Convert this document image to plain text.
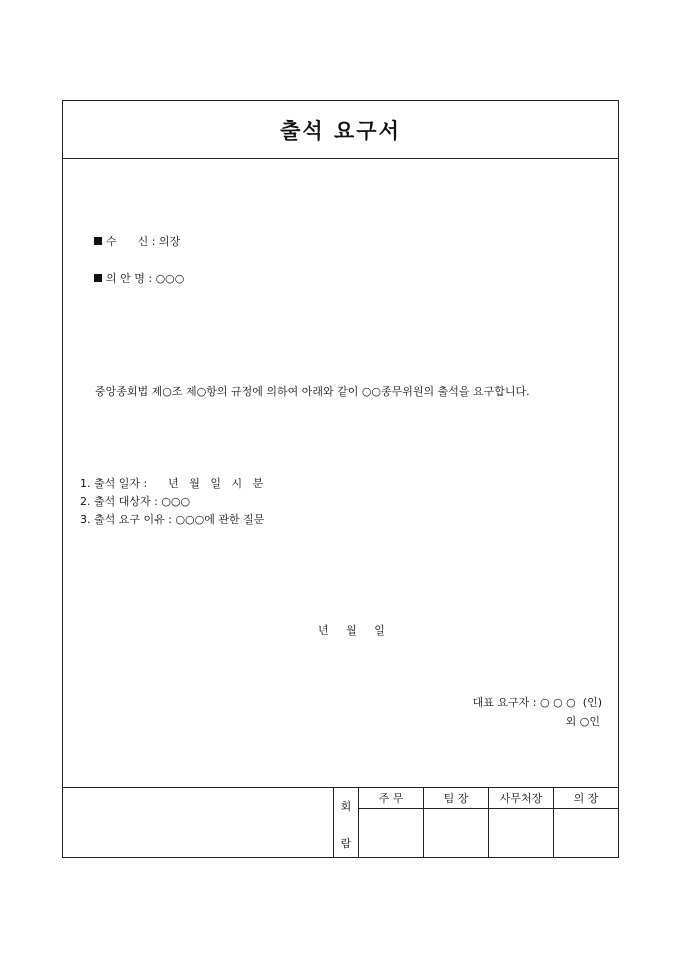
출석 요구서

수      신 : 의장

의 안 명 : ○○○

중앙종회법 제○조 제○항의 규정에 의하여 아래와 같이 ○○종무위원의 출석을 요구합니다.
1. 출석 일자 :      년   월   일   시   분
2. 출석 대상자 : ○○○
3. 출석 요구 이유 : ○○○에 관한 질문
년     월     일
대표 요구자 : ○ ○ ○  (인)
외 ○인
회
람	주 무	팀 장	사무처장	의 장
